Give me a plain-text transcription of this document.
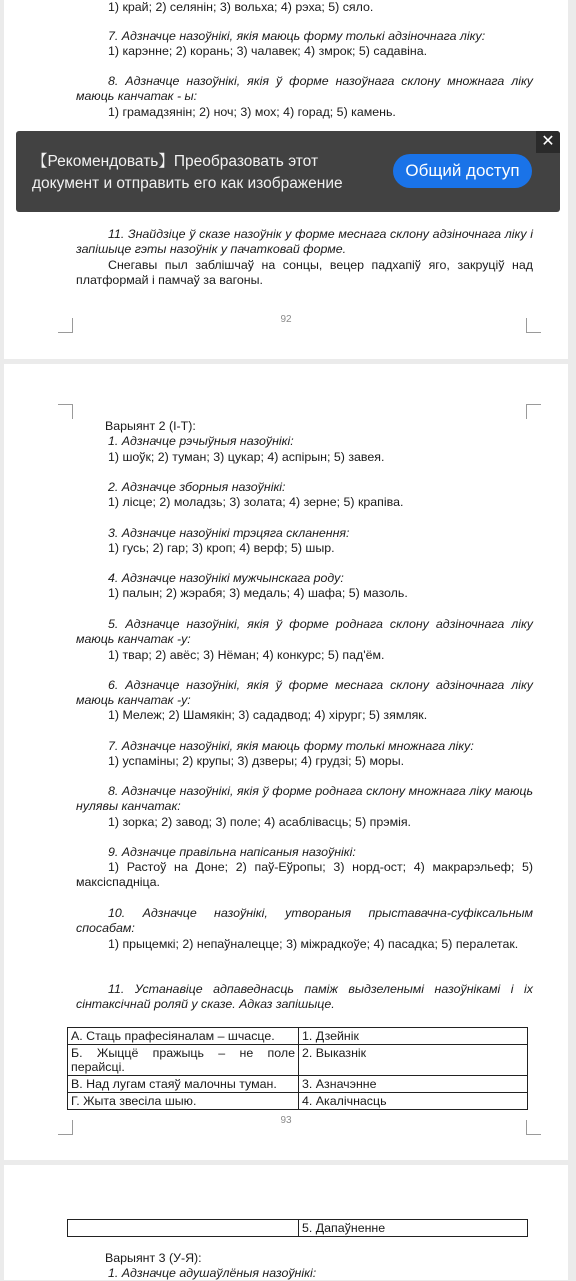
1) край; 2) селянін; 3) вольха; 4) рэха; 5) сяло.
7. Адзначце назоўнікі, якія маюць форму толькі адзіночнага ліку:
1) карэнне; 2) корань; 3) чалавек; 4) змрок; 5) садавіна.
8. Адзначце назоўнікі, якія ў форме назоўнага склону множнага ліку маюць канчатак - ы:
1) грамадзянін; 2) ноч; 3) мох; 4) горад; 5) камень.
11. Знайдзіце ў сказе назоўнік у форме меснага склону адзіночнага ліку і запішыце гэты назоўнік у пачатковай форме.
Снегавы пыл заблішчаў на сонцы, вецер падхапіў яго, закруціў над платформай і памчаў за вагоны.
92
【Рекомендовать】Преобразовать этот документ и отправить его как изображение
Общий доступ
✕
Варыянт 2 (І-Т):
1. Адзначце рэчыўныя назоўнікі:
1) шоўк; 2) туман; 3) цукар; 4) аспірын; 5) завея.
2. Адзначце зборныя назоўнікі:
1) лісце; 2) моладзь; 3) золата; 4) зерне; 5) крапіва.
3. Адзначце назоўнікі трэцяга скланення:
1) гусь; 2) гар; 3) кроп; 4) верф; 5) шыр.
4. Адзначце назоўнікі мужчынскага роду:
1) палын; 2) жэрабя; 3) медаль; 4) шафа; 5) мазоль.
5. Адзначце назоўнікі, якія ў форме роднага склону адзіночнага ліку маюць канчатак -у:
1) твар; 2) авёс; 3) Нёман; 4) конкурс; 5) пад'ём.
6. Адзначце назоўнікі, якія ў форме меснага склону адзіночнага ліку маюць канчатак -у:
1) Мележ; 2) Шамякін; 3) сададвод; 4) хірург; 5) зямляк.
7. Адзначце назоўнікі, якія маюць форму толькі множнага ліку:
1) успаміны; 2) крупы; 3) дзверы; 4) грудзі; 5) моры.
8. Адзначце назоўнікі, якія ў форме роднага склону множнага ліку маюць нулявы канчатак:
1) зорка; 2) завод; 3) поле; 4) асаблівасць; 5) прэмія.
9. Адзначце правільна напісаныя назоўнікі:
1) Растоў на Доне; 2) паў-Еўропы; 3) норд-ост; 4) макрарэльеф; 5) максіспадніца.
10. Адзначце назоўнікі, утвораныя прыставачна-суфіксальным спосабам:
1) прыцемкі; 2) непаўналецце; 3) міжрадкоўе; 4) пасадка; 5) пералетак.
11. Устанавіце адпаведнасць паміж выдзеленымі назоўнікамі і іх сінтаксічнай роляй у сказе. Адказ запішыце.
А. Стаць прафесіяналам – шчасце.	1. Дзейнік
Б. Жыццё пражыць – не поле перайсці.	2. Выказнік
В. Над лугам стаяў малочны туман.	3. Азначэнне
Г. Жыта звесіла шыю.	4. Акалічнасць
93
	5. Дапаўненне
Варыянт 3 (У-Я):
1. Адзначце адушаўлёныя назоўнікі:
